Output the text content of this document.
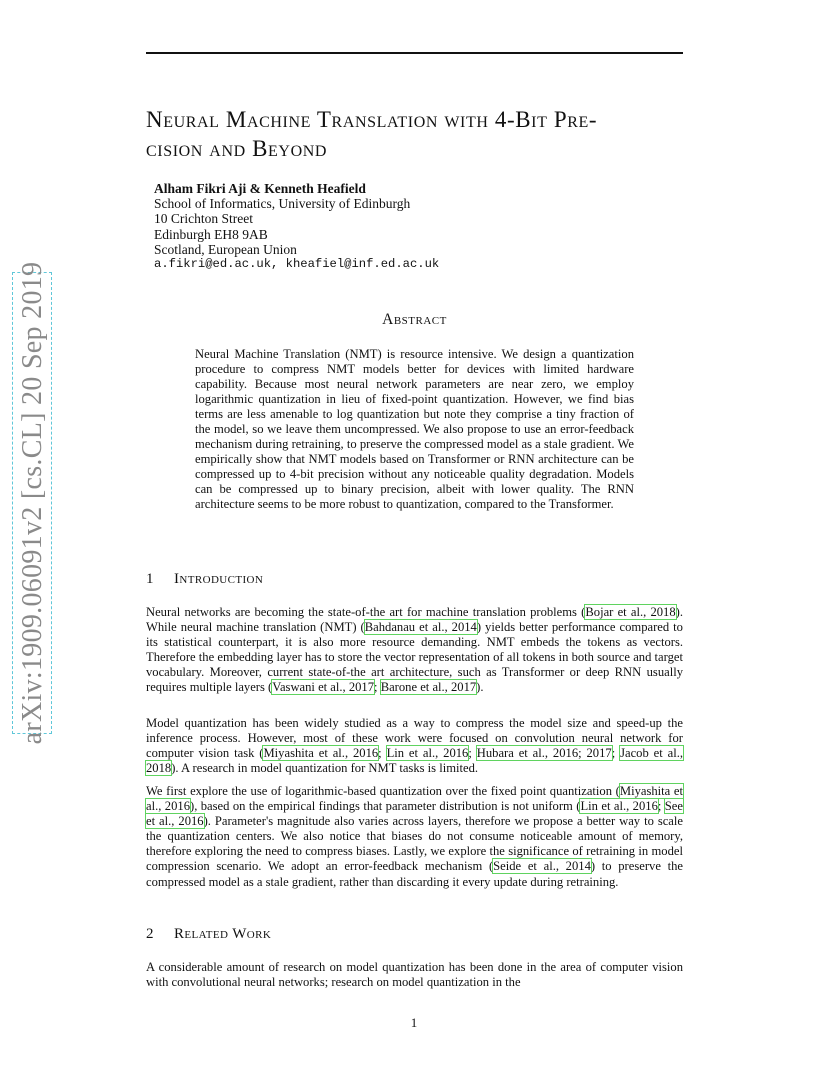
arXiv:1909.06091v2 [cs.CL] 20 Sep 2019
Neural Machine Translation with 4-Bit Pre-
cision and Beyond
Alham Fikri Aji & Kenneth Heafield
School of Informatics, University of Edinburgh
10 Crichton Street
Edinburgh EH8 9AB
Scotland, European Union
a.fikri@ed.ac.uk, kheafiel@inf.ed.ac.uk
Abstract
Neural Machine Translation (NMT) is resource intensive. We design a quantization procedure to compress NMT models better for devices with limited hardware capability. Because most neural network parameters are near zero, we employ logarithmic quantization in lieu of fixed-point quantization. However, we find bias terms are less amenable to log quantization but note they comprise a tiny fraction of the model, so we leave them uncompressed. We also propose to use an error-feedback mechanism during retraining, to preserve the compressed model as a stale gradient. We empirically show that NMT models based on Transformer or RNN architecture can be compressed up to 4-bit precision without any noticeable quality degradation. Models can be compressed up to binary precision, albeit with lower quality. The RNN architecture seems to be more robust to quantization, compared to the Transformer.
1 Introduction

Neural networks are becoming the state-of-the art for machine translation problems (Bojar et al., 2018). While neural machine translation (NMT) (Bahdanau et al., 2014) yields better performance compared to its statistical counterpart, it is also more resource demanding. NMT embeds the tokens as vectors. Therefore the embedding layer has to store the vector representation of all tokens in both source and target vocabulary. Moreover, current state-of-the art architecture, such as Transformer or deep RNN usually requires multiple layers (Vaswani et al., 2017; Barone et al., 2017).

Model quantization has been widely studied as a way to compress the model size and speed-up the inference process. However, most of these work were focused on convolution neural network for computer vision task (Miyashita et al., 2016; Lin et al., 2016; Hubara et al., 2016; 2017; Jacob et al., 2018). A research in model quantization for NMT tasks is limited.

We first explore the use of logarithmic-based quantization over the fixed point quantization (Miyashita et al., 2016), based on the empirical findings that parameter distribution is not uniform (Lin et al., 2016; See et al., 2016). Parameter's magnitude also varies across layers, therefore we propose a better way to scale the quantization centers. We also notice that biases do not consume noticeable amount of memory, therefore exploring the need to compress biases. Lastly, we explore the significance of retraining in model compression scenario. We adopt an error-feedback mechanism (Seide et al., 2014) to preserve the compressed model as a stale gradient, rather than discarding it every update during retraining.

2 Related Work

A considerable amount of research on model quantization has been done in the area of computer vision with convolutional neural networks; research on model quantization in the

1
